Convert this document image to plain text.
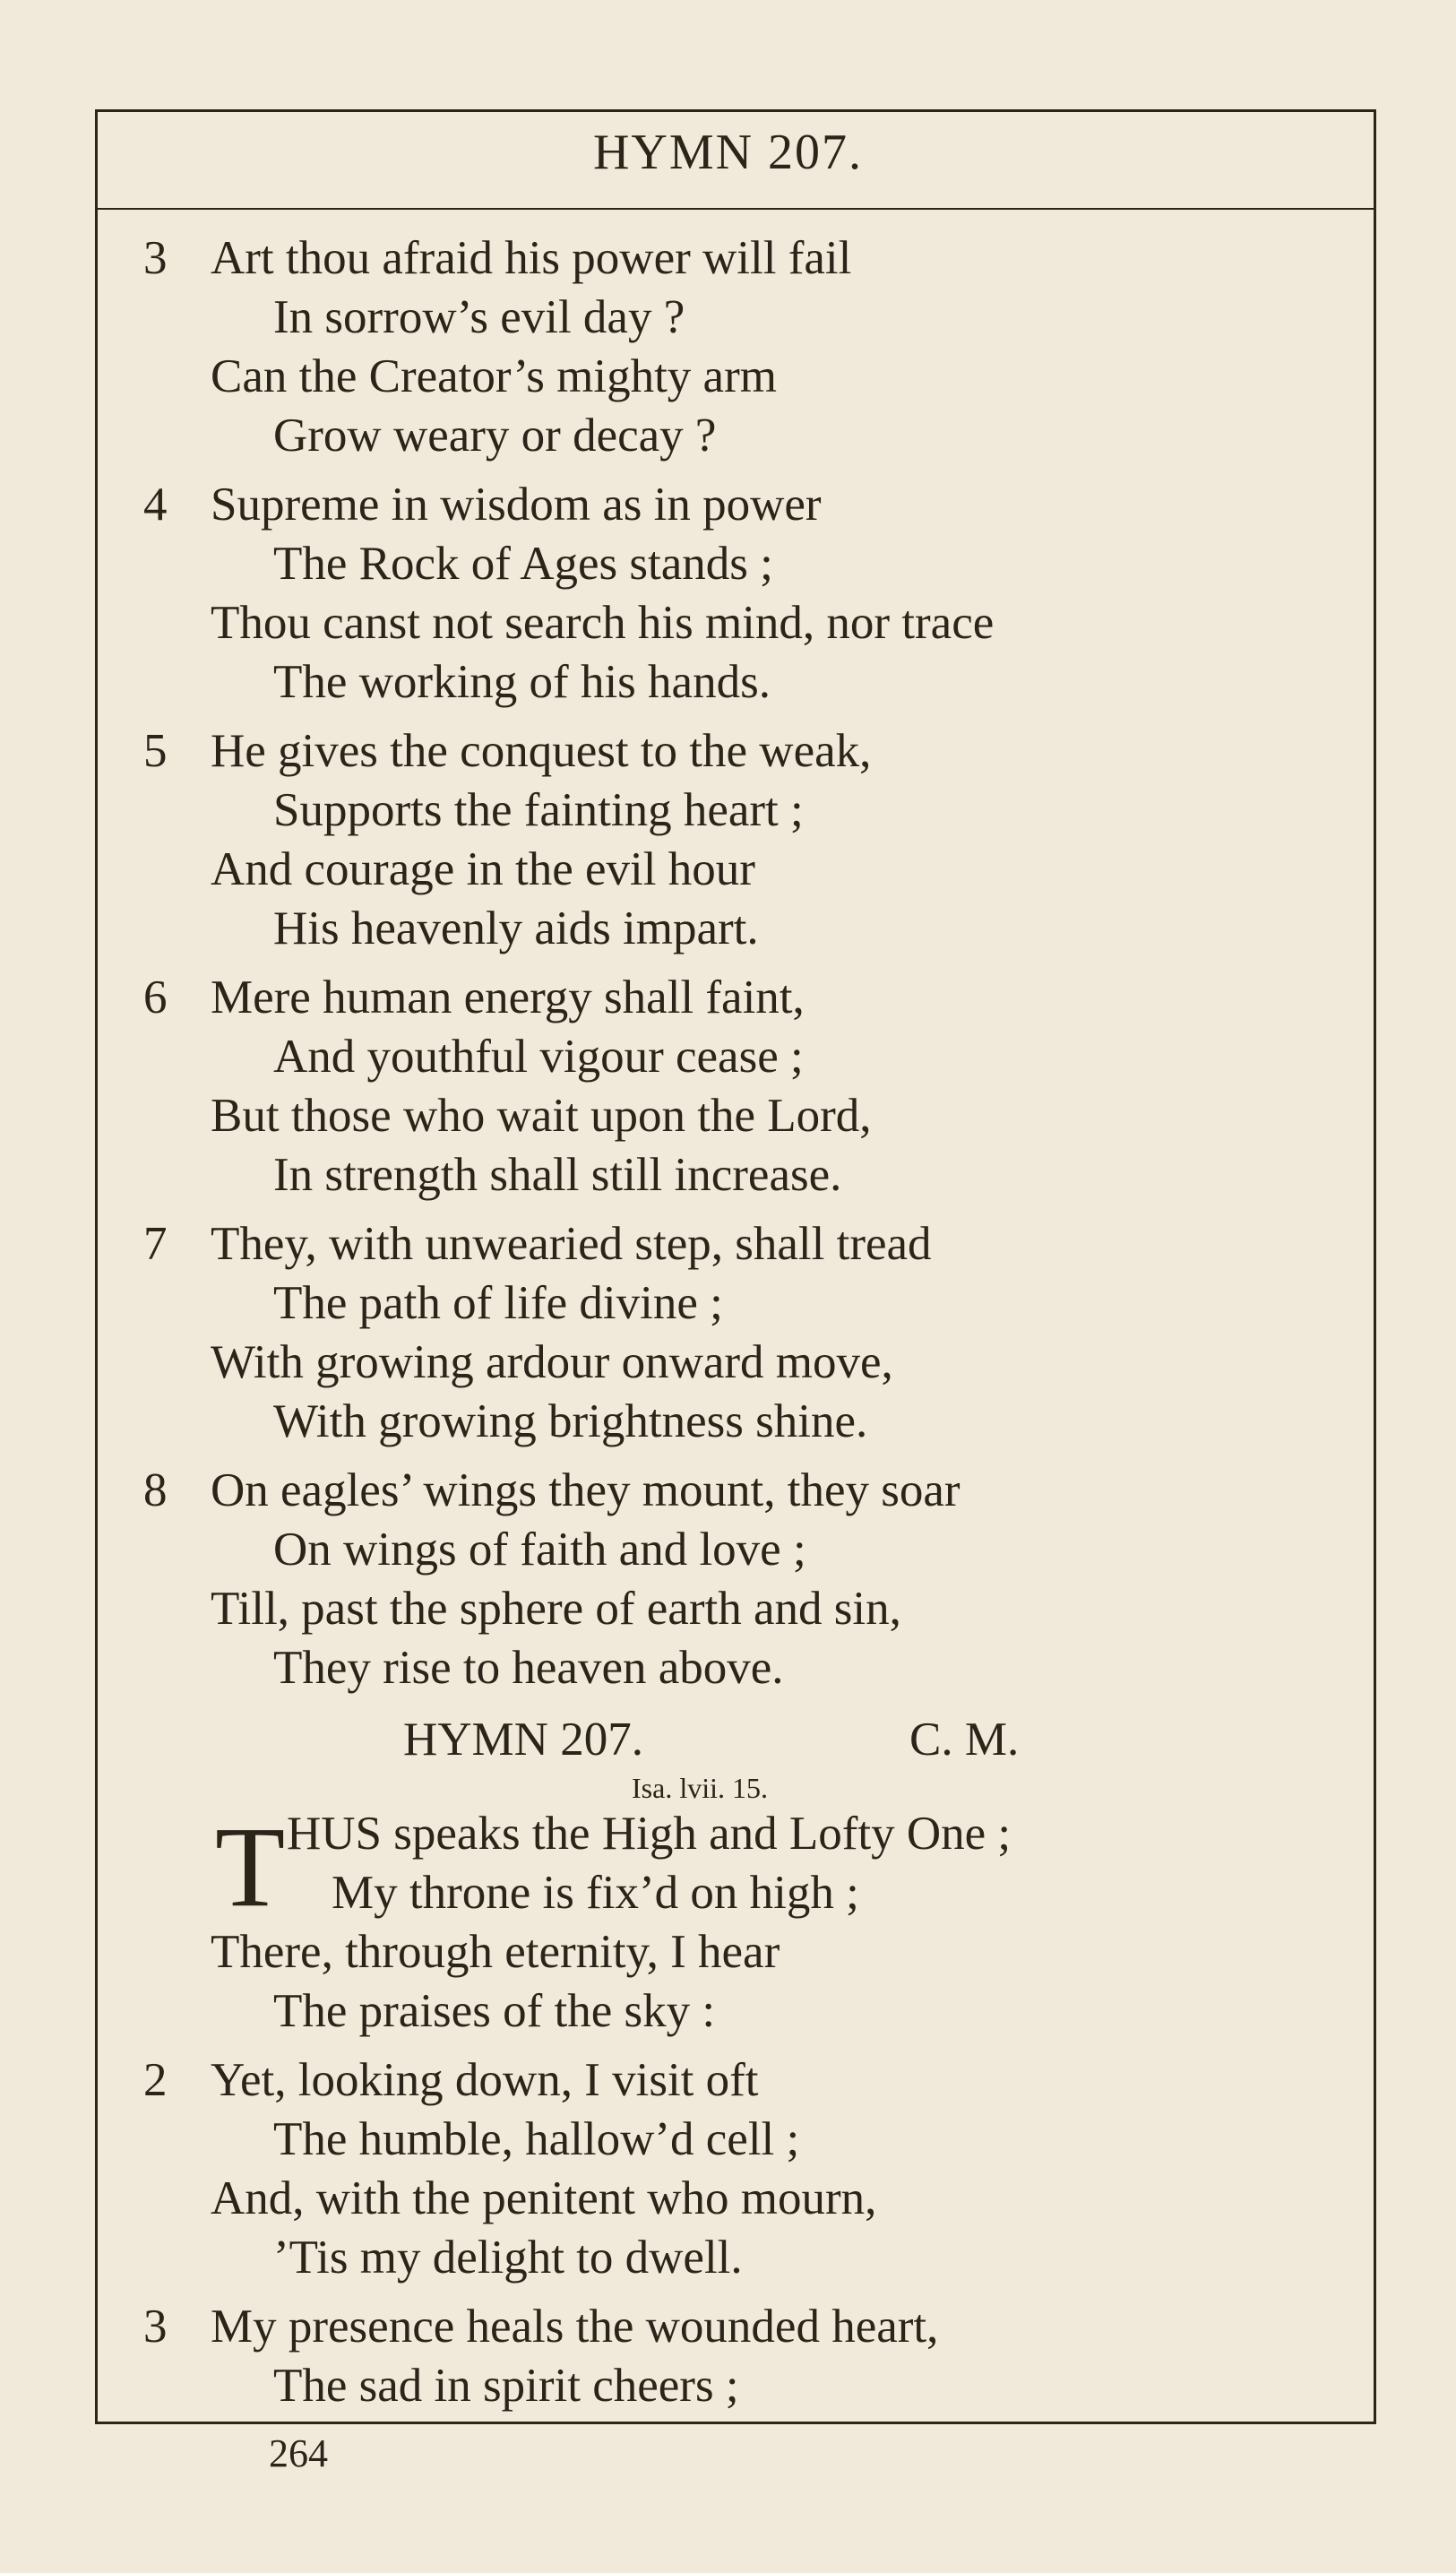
HYMN 207.
3 Art thou afraid his power will fail
In sorrow’s evil day ?
Can the Creator’s mighty arm
Grow weary or decay ?
4 Supreme in wisdom as in power
The Rock of Ages stands ;
Thou canst not search his mind, nor trace
The working of his hands.
5 He gives the conquest to the weak,
Supports the fainting heart ;
And courage in the evil hour
His heavenly aids impart.
6 Mere human energy shall faint,
And youthful vigour cease ;
But those who wait upon the Lord,
In strength shall still increase.
7 They, with unwearied step, shall tread
The path of life divine ;
With growing ardour onward move,
With growing brightness shine.
8 On eagles’ wings they mount, they soar
On wings of faith and love ;
Till, past the sphere of earth and sin,
They rise to heaven above.
HYMN 207.	C. M.
Isa. lvii. 15.
T HUS speaks the High and Lofty One ;
My throne is fix’d on high ;
There, through eternity, I hear
The praises of the sky :
2 Yet, looking down, I visit oft
The humble, hallow’d cell ;
And, with the penitent who mourn,
’Tis my delight to dwell.
3 My presence heals the wounded heart,
The sad in spirit cheers ;
264
